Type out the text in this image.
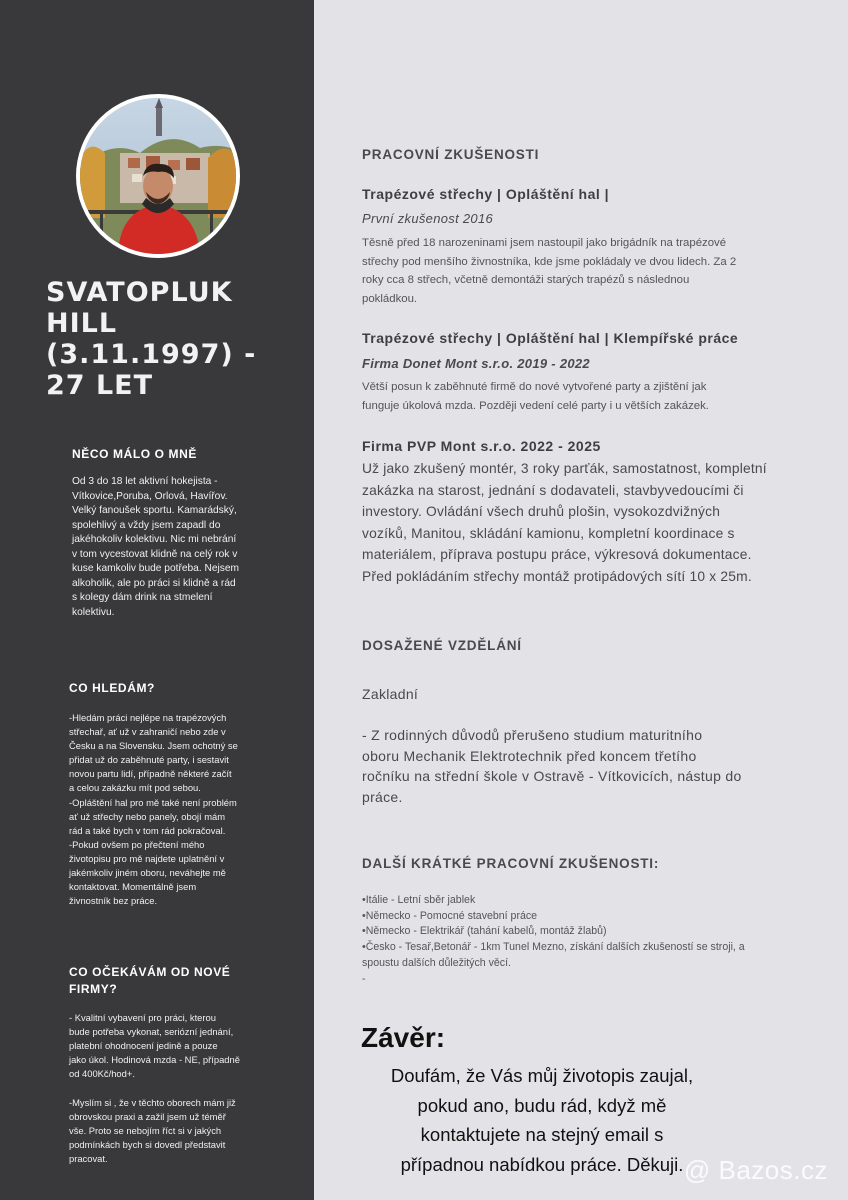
SVATOPLUK
HILL
(3.11.1997) -
27 LET
NĚCO MÁLO O MNĚ

Od 3 do 18 let aktivní hokejista -
Vítkovice,Poruba, Orlová, Havířov.
Velký fanoušek sportu. Kamarádský,
spolehlivý a vždy jsem zapadl do
jakéhokoliv kolektivu. Nic mi nebrání
v tom vycestovat klidně na celý rok v
kuse kamkoliv bude potřeba. Nejsem
alkoholik, ale po práci si klidně a rád
s kolegy dám drink na stmelení
kolektivu.

CO HLEDÁM?

-Hledám práci nejlépe na trapézových
střechař, ať už v zahraničí nebo zde v
Česku a na Slovensku. Jsem ochotný se
přidat už do zaběhnuté party, i sestavit
novou partu lidí, případně některé začít
a celou zakázku mít pod sebou.
-Opláštění hal pro mě také není problém
ať už střechy nebo panely, obojí mám
rád a také bych v tom rád pokračoval.
-Pokud ovšem po přečtení mého
životopisu pro mě najdete uplatnění v
jakémkoliv jiném oboru, neváhejte mě
kontaktovat. Momentálně jsem
živnostník bez práce.

CO OČEKÁVÁM OD NOVÉ
FIRMY?

- Kvalitní vybavení pro práci, kterou
bude potřeba vykonat, seriózní jednání,
platební ohodnocení jedině a pouze
jako úkol. Hodinová mzda - NE, případně
od 400Kč/hod+.

-Myslím si , že v těchto oborech mám již
obrovskou praxi a zažil jsem už téměř
vše. Proto se nebojím říct si v jakých
podmínkách bych si dovedl představit
pracovat.

PRACOVNÍ ZKUŠENOSTI
Trapézové střechy | Opláštění hal |

První zkušenost 2016

Těsně před 18 narozeninami jsem nastoupil jako brigádník na trapézové
střechy pod menšího živnostníka, kde jsme pokládaly ve dvou lidech. Za 2
roky cca 8 střech, včetně demontáži starých trapézů s následnou
pokládkou.

Trapézové střechy | Opláštění hal | Klempířské práce

Firma Donet Mont s.r.o. 2019 - 2022

Větší posun k zaběhnuté firmě do nové vytvořené party a zjištění jak
funguje úkolová mzda. Později vedení celé party i u větších zakázek.

Firma PVP Mont s.r.o. 2022 - 2025

Už jako zkušený montér, 3 roky parťák, samostatnost, kompletní
zakázka na starost, jednání s dodavateli, stavbyvedoucími či
investory. Ovládání všech druhů plošin, vysokozdvižných
vozíků, Manitou, skládání kamionu, kompletní koordinace s
materiálem, příprava postupu práce, výkresová dokumentace.
Před pokládáním střechy montáž protipádových sítí 10 x 25m.

DOSAŽENÉ VZDĚLÁNÍ

Zakladní

- Z rodinných důvodů přerušeno studium maturitního
oboru Mechanik Elektrotechnik před koncem třetího
ročníku na střední škole v Ostravě - Vítkovicích, nástup do
práce.

DALŠÍ KRÁTKÉ PRACOVNÍ ZKUŠENOSTI:

•Itálie - Letní sběr jablek
•Německo - Pomocné stavební práce
•Německo - Elektrikář (tahání kabelů, montáž žlabů)
•Česko - Tesař,Betonář - 1km Tunel Mezno, získání dalších zkušeností se stroji, a
spoustu dalších důležitých věcí.
-

Závěr:

Doufám, že Vás můj životopis zaujal,
pokud ano, budu rád, když mě
kontaktujete na stejný email s
případnou nabídkou práce. Děkuji. @ Bazos.cz
